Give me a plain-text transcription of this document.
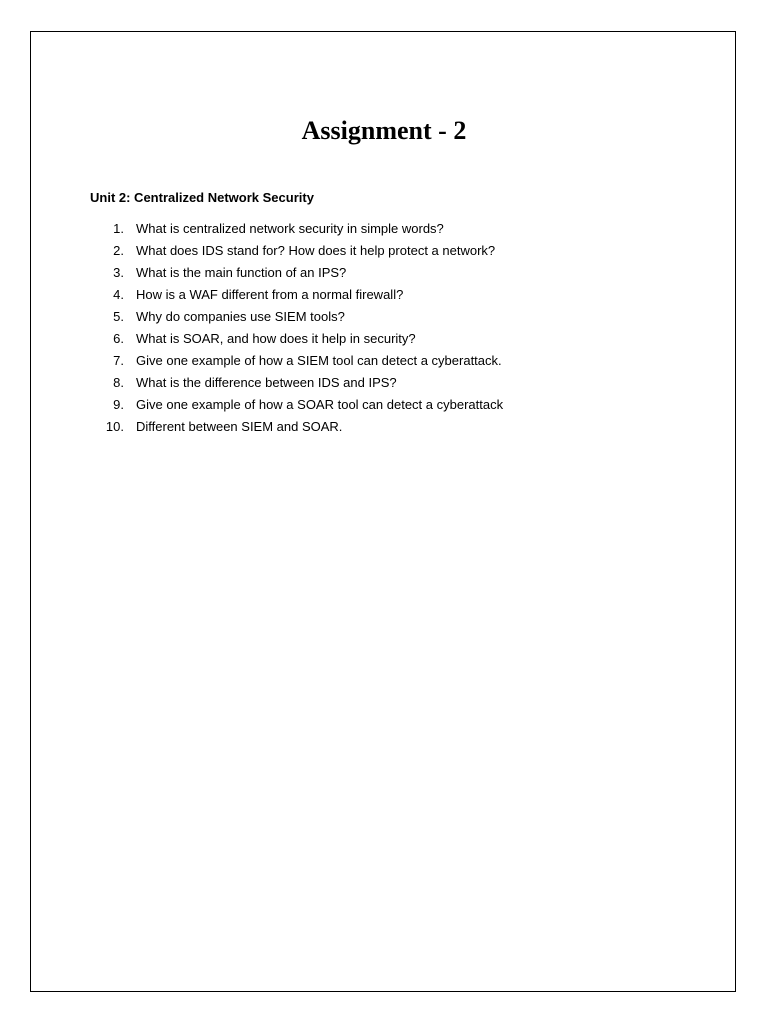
Assignment - 2

Unit 2: Centralized Network Security

1. What is centralized network security in simple words?
2. What does IDS stand for? How does it help protect a network?
3. What is the main function of an IPS?
4. How is a WAF different from a normal firewall?
5. Why do companies use SIEM tools?
6. What is SOAR, and how does it help in security?
7. Give one example of how a SIEM tool can detect a cyberattack.
8. What is the difference between IDS and IPS?
9. Give one example of how a SOAR tool can detect a cyberattack
10. Different between SIEM and SOAR.
